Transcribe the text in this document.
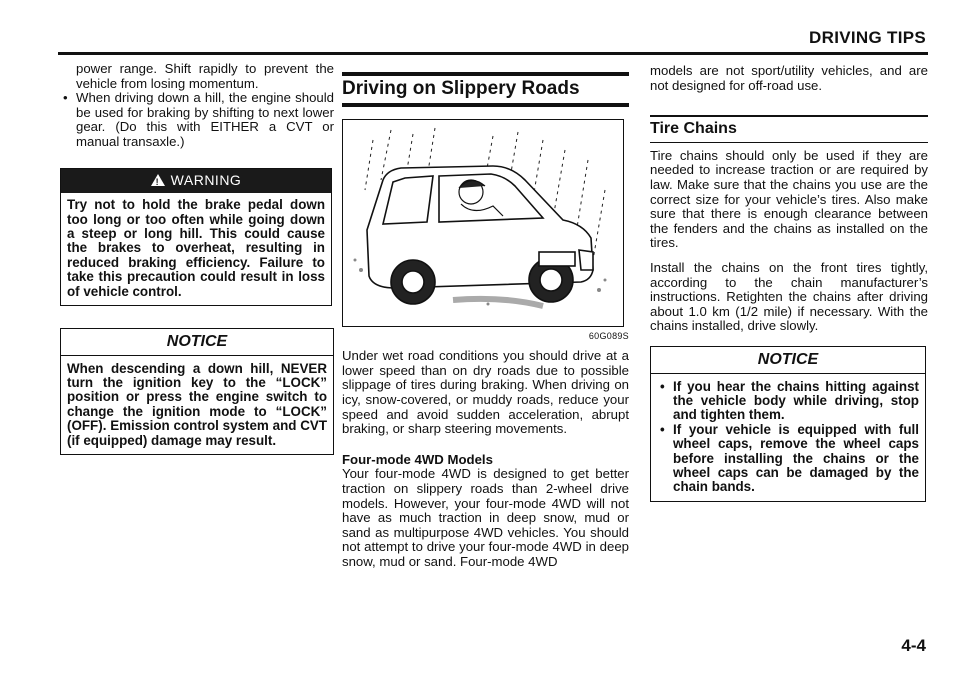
DRIVING TIPS

power range. Shift rapidly to prevent the vehicle from losing momentum.

• When driving down a hill, the engine should be used for braking by shifting to next lower gear. (Do this with EITHER a CVT or manual transaxle.)

!WARNING
Try not to hold the brake pedal down too long or too often while going down a steep or long hill. This could cause the brakes to overheat, resulting in reduced braking efficiency. Failure to take this precaution could result in loss of vehicle control.
NOTICE
When descending a down hill, NEVER turn the ignition key to the “LOCK” position or press the engine switch to change the ignition mode to “LOCK” (OFF). Emission control system and CVT (if equipped) damage may result.
Driving on Slippery Roads
60G089S

Under wet road conditions you should drive at a lower speed than on dry roads due to possible slippage of tires during braking. When driving on icy, snow-covered, or muddy roads, reduce your speed and avoid sudden acceleration, abrupt braking, or sharp steering movements.

Four-mode 4WD Models

Your four-mode 4WD is designed to get better traction on slippery roads than 2-wheel drive models. However, your four-mode 4WD will not have as much traction in deep snow, mud or sand as multipurpose 4WD vehicles. You should not attempt to drive your four-mode 4WD in deep snow, mud or sand. Four-mode 4WD

models are not sport/utility vehicles, and are not designed for off-road use.

Tire Chains

Tire chains should only be used if they are needed to increase traction or are required by law. Make sure that the chains you use are the correct size for your vehicle’s tires. Also make sure that there is enough clearance between the fenders and the chains as installed on the tires.

Install the chains on the front tires tightly, according to the chain manufacturer’s instructions. Retighten the chains after driving about 1.0 km (1/2 mile) if necessary. With the chains installed, drive slowly.

NOTICE

• If you hear the chains hitting against the vehicle body while driving, stop and tighten them.

• If your vehicle is equipped with full wheel caps, remove the wheel caps before installing the chains or the wheel caps can be damaged by the chain bands.

4-4
